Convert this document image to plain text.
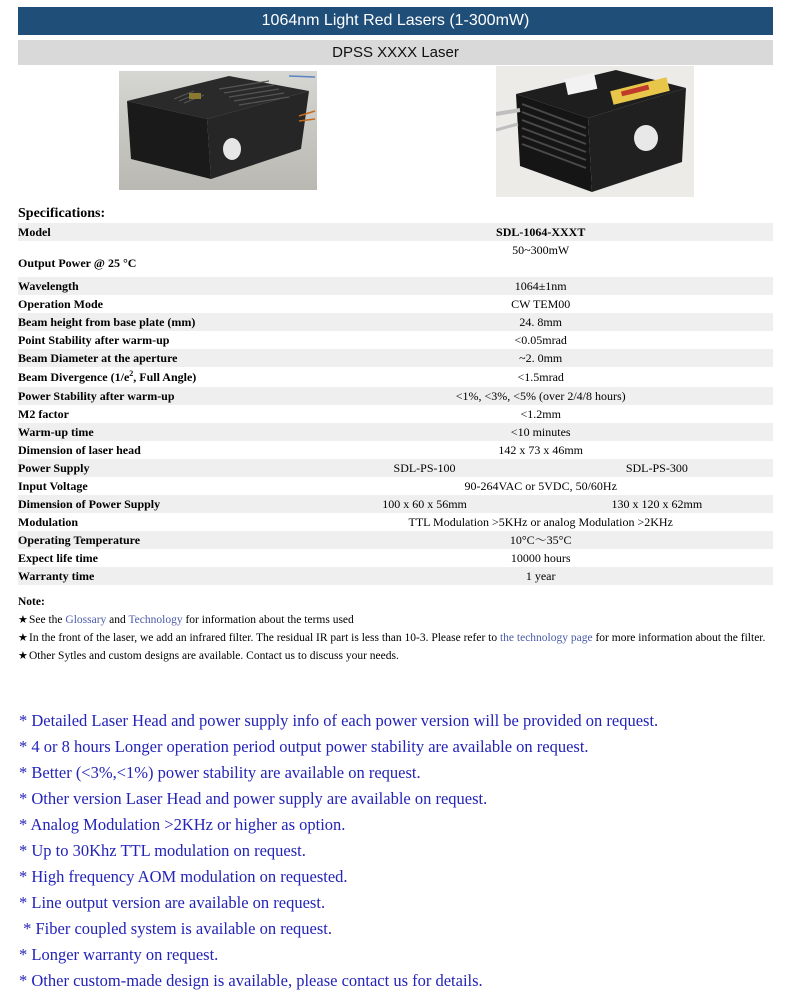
1064nm Light Red Lasers (1-300mW)
DPSS XXXX Laser
Specifications:
Model	SDL-1064-XXXT	
Output Power @ 25 °C	50~300mW	
Wavelength	1064±1nm	
Operation Mode	CW TEM00	
Beam height from base plate (mm)	24. 8mm	
Point Stability after warm-up	<0.05mrad	
Beam Diameter at the aperture	~2. 0mm	
Beam Divergence ($1/e^2$, Full Angle)	<1.5mrad	
Power Stability after warm-up	<1%, <3%, <5% (over 2/4/8 hours)	
M2 factor	<1.2mm	
Warm-up time	<10 minutes	
Dimension of laser head	142 x 73 x 46mm	
Power Supply	SDL-PS-100	SDL-PS-300
Input Voltage	90-264VAC or 5VDC, 50/60Hz	
Dimension of Power Supply	100 x 60 x 56mm	130 x 120 x 62mm
Modulation	TTL Modulation >5KHz or analog Modulation >2KHz	
Operating Temperature	10°C～35°C	
Expect life time	10000 hours	
Warranty time	1 year	
Note:
★ See the Glossary and Technology for information about the terms used
★ In the front of the laser, we add an infrared filter. The residual IR part is less than 10-3. Please refer to the technology page for more information about the filter.
★ Other Sytles and custom designs are available. Contact us to discuss your needs.
* Detailed Laser Head and power supply info of each power version will be provided on request.
* 4 or 8 hours Longer operation period output power stability are available on request.
* Better (<3%,<1%) power stability are available on request.
* Other version Laser Head and power supply are available on request.
* Analog Modulation >2KHz or higher as option.
* Up to 30Khz TTL modulation on request.
* High frequency AOM modulation on requested.
* Line output version are available on request.
* Fiber coupled system is available on request.
* Longer warranty on request.
* Other custom-made design is available, please contact us for details.
